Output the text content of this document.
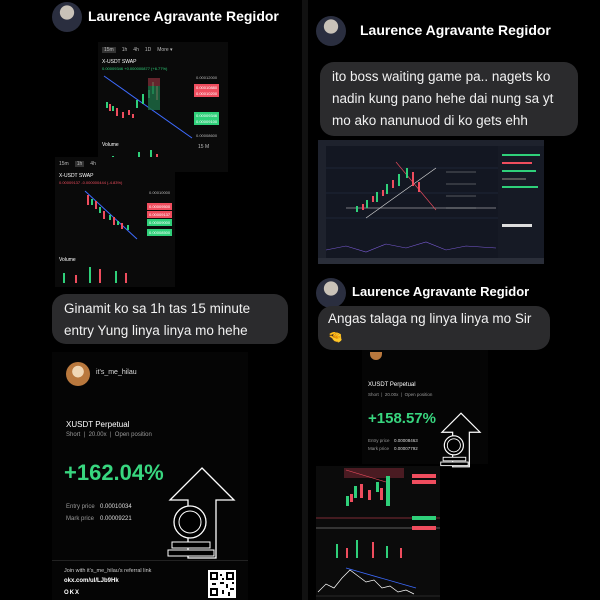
Laurence Agravante Regidor
15m	1h 4h 1D More ▾
X-USDT SWAP
0.00009346 +0.000000877 (+6.77%)
0.00012000
0.00010880
0.00010200
0.00009346
0.00009100
0.00008600
Volume	15 M
15m	1h	4h
X-USDT SWAP
0.00009137 -0.000000444 (-4.83%)
0.00010000
0.00009500
0.00009137
0.00009000
0.00008500
Volume
Ginamit ko sa 1h tas 15 minute entry Yung linya linya mo hehe
it's_me_hilau
XUSDT Perpetual
Short  |  20.00x  |  Open position
+162.04%
Entry price 0.00010034
Mark price 0.00009221
Join with it's_me_hilau's referral link
okx.com/ul/LJb9Hk
OKX
Laurence Agravante Regidor
ito boss waiting game pa.. nagets ko nadin kung pano hehe dai nung sa yt mo ako nanunuod di ko gets ehh
Laurence Agravante Regidor
Angas talaga ng linya linya mo Sir
🤏
XUSDT Perpetual
Short  |  20.00x  |  Open position
+158.57%
Entry price 0.00008463
Mark price 0.00007792
